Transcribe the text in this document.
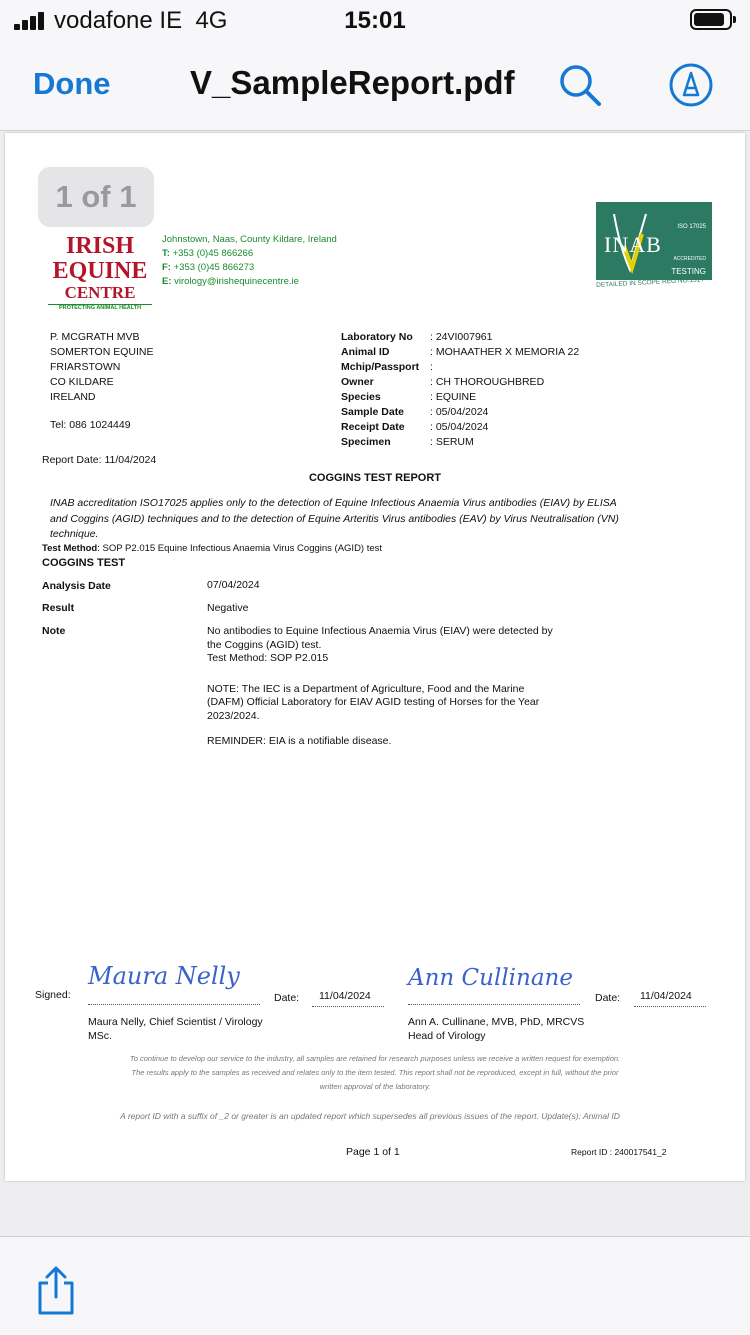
vodafone IE 4G	15:01
Done V_SampleReport.pdf
IRISH
EQUINE
CENTRE
PROTECTING ANIMAL HEALTH
Johnstown, Naas, County Kildare, Ireland
T: +353 (0)45 866266
F: +353 (0)45 866273
E: virology@irishequinecentre.ie
ISO 17025
INAB
ACCREDITED
TESTING
DETAILED IN SCOPE REG NO.151T
P. MCGRATH MVB
SOMERTON EQUINE
FRIARSTOWN
CO KILDARE
IRELAND
Tel: 086 1024449
Laboratory No : 24VI007961
Animal ID	: MOHAATHER X MEMORIA 22
Mchip/Passport :
Owner	: CH THOROUGHBRED
Species	: EQUINE
Sample Date : 05/04/2024
Receipt Date : 05/04/2024
Specimen	: SERUM
Report Date: 11/04/2024
COGGINS TEST REPORT
INAB accreditation ISO17025 applies only to the detection of Equine Infectious Anaemia Virus antibodies (EIAV) by ELISA
and Coggins (AGID) techniques and to the detection of Equine Arteritis Virus antibodies (EAV) by Virus Neutralisation (VN)
technique.
Test Method: SOP P2.015 Equine Infectious Anaemia Virus Coggins (AGID) test
COGGINS TEST
Analysis Date	07/04/2024
Result	Negative
Note	No antibodies to Equine Infectious Anaemia Virus (EIAV) were detected by
the Coggins (AGID) test.
Test Method: SOP P2.015
NOTE: The IEC is a Department of Agriculture, Food and the Marine
(DAFM) Official Laboratory for EIAV AGID testing of Horses for the Year
2023/2024.
REMINDER: EIA is a notifiable disease.
Signed:
Maura Nelly
Date: 11/04/2024
Ann Cullinane
Date: 11/04/2024
Maura Nelly, Chief Scientist / Virology
MSc.
Ann A. Cullinane, MVB, PhD, MRCVS
Head of Virology
To continue to develop our service to the industry, all samples are retained for research purposes unless we receive a written request for exemption.
The results apply to the samples as received and relates only to the item tested. This report shall not be reproduced, except in full, without the prior
written approval of the laboratory.
A report ID with a suffix of _2 or greater is an updated report which supersedes all previous issues of the report. Update(s): Animal ID
Page 1 of 1	Report ID : 240017541_2
1 of 1
